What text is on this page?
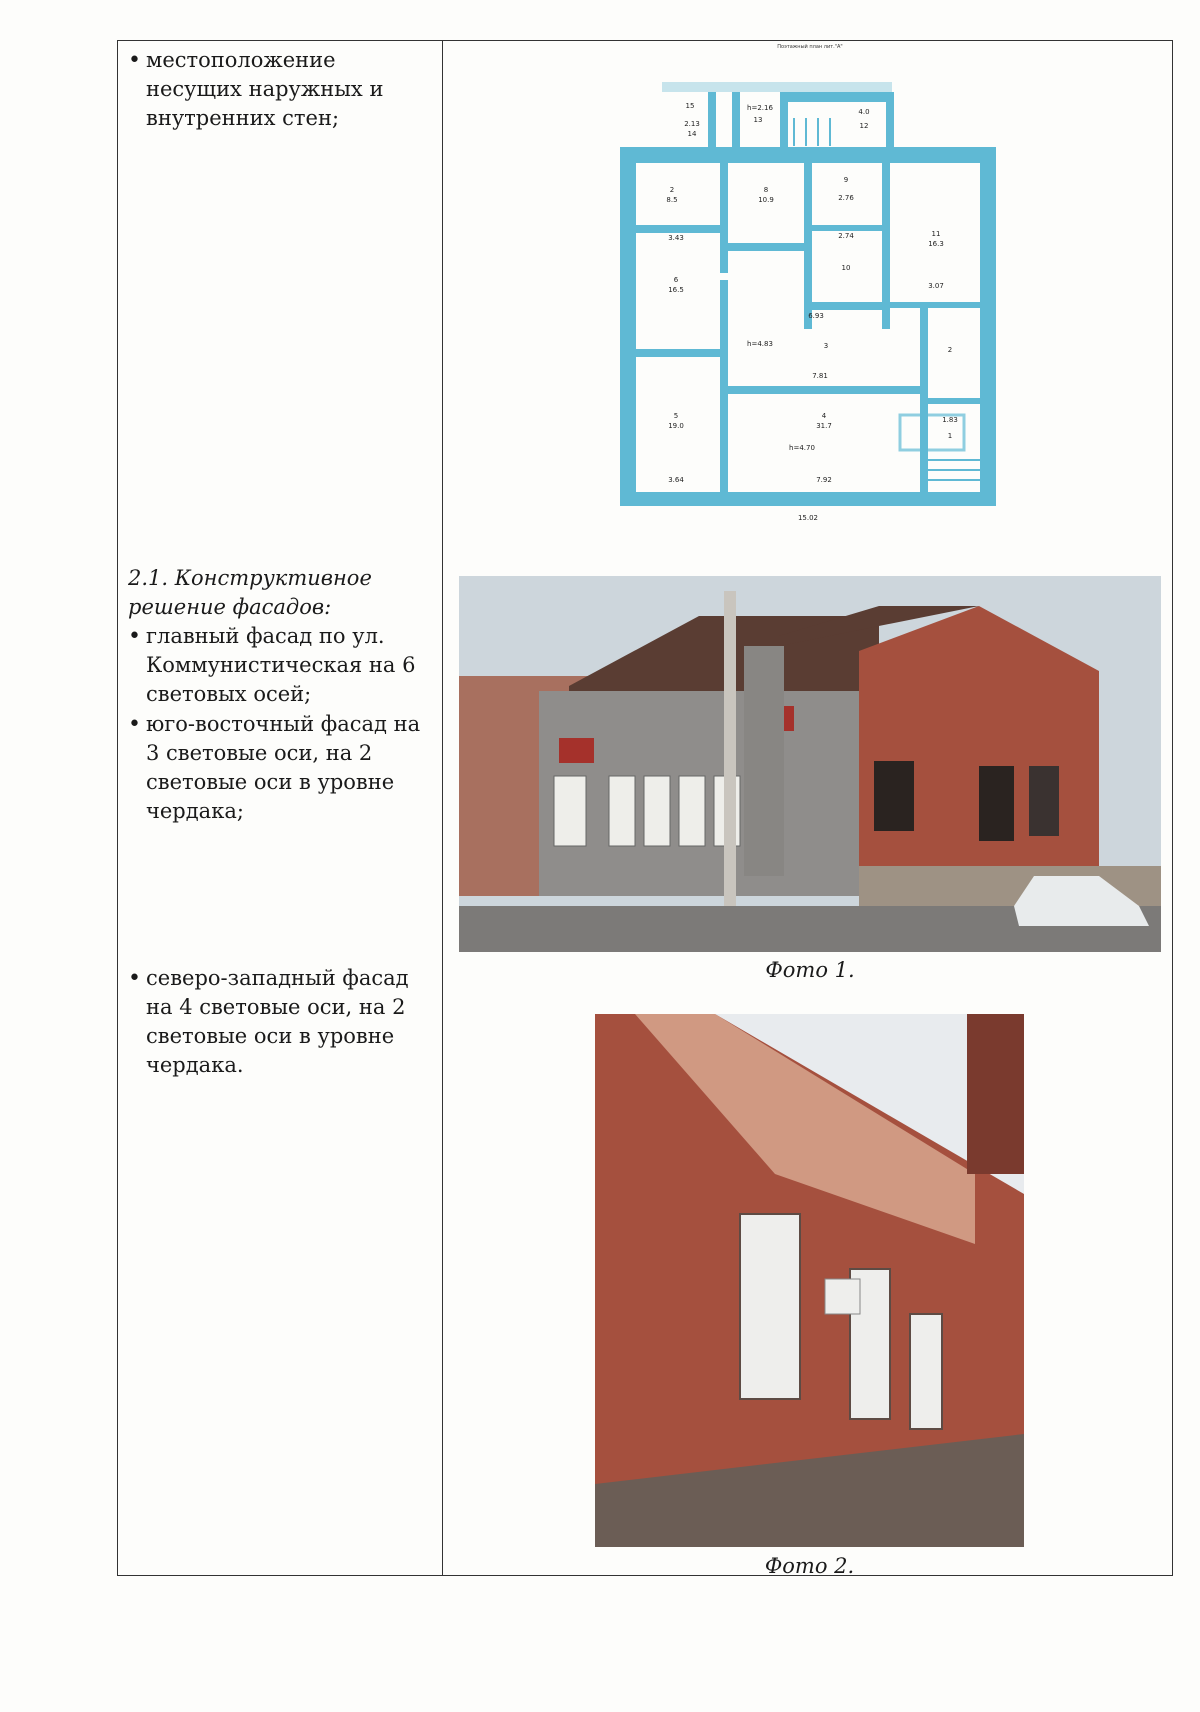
• местоположение несущих наружных и внутренних стен;
2.1. Конструктивное решение фасадов:
• главный фасад по ул. Коммунистическая на 6 световых осей;
• юго-восточный фасад на 3 световые оси, на 2 световые оси в уровне чердака;
• северо-западный фасад на 4 световые оси, на 2 световые оси в уровне чердака.
Поэтажный план лит."А"
2
8.5
8
10.9
9
2.76
10
2.74	11
16.3
3.07
6
16.5
3.43
3
h=4.83
7.81
6.93
2
1
1.83
5
19.0
3.64
4
31.7
h=4.70
7.92
12
4.0
13
h=2.16
14
2.13
15
15.02
Фото 1.
Фото 2.
